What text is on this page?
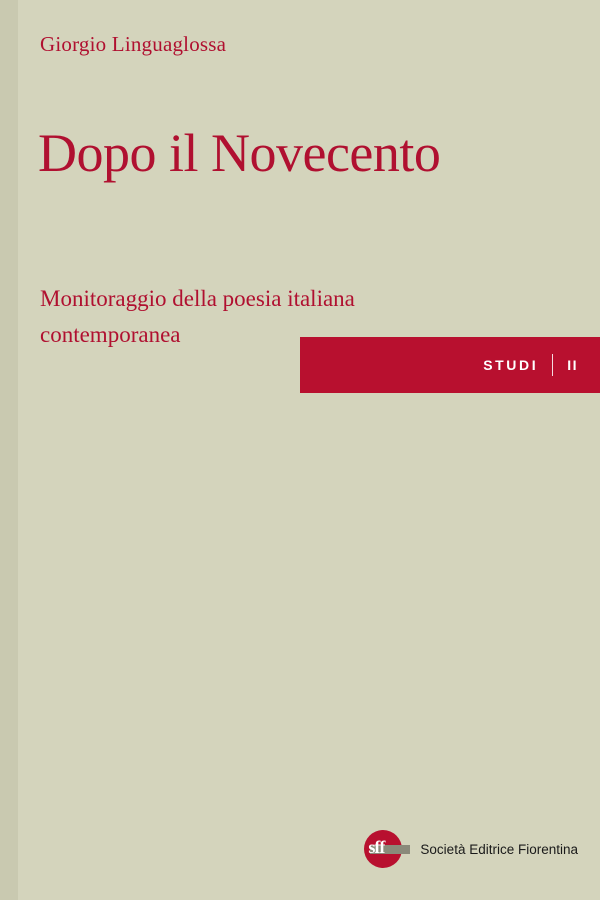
Giorgio Linguaglossa
Dopo il Novecento
Monitoraggio della poesia italiana contemporanea
STUDI II
sff	Società Editrice Fiorentina
